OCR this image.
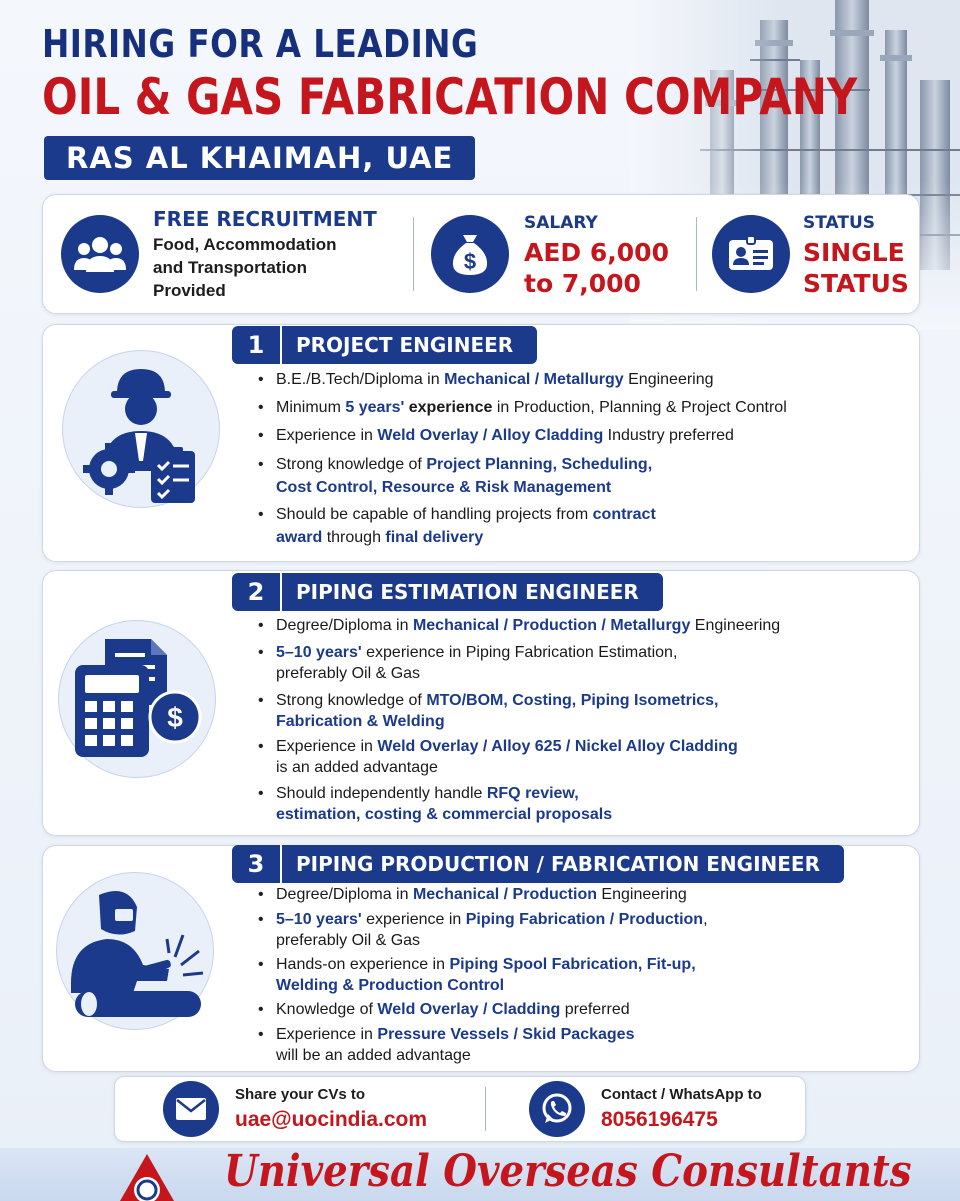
HIRING FOR A LEADING
OIL & GAS FABRICATION COMPANY
RAS AL KHAIMAH, UAE
FREE RECRUITMENT
Food, Accommodation
and Transportation
Provided
$
SALARY
AED 6,000
to 7,000
STATUS
SINGLE
STATUS
1	PROJECT ENGINEER
• B.E./B.Tech/Diploma in Mechanical / Metallurgy Engineering
• Minimum 5 years' experience in Production, Planning & Project Control
• Experience in Weld Overlay / Alloy Cladding Industry preferred
• Strong knowledge of Project Planning, Scheduling,
Cost Control, Resource & Risk Management
• Should be capable of handling projects from contract
award through final delivery
$
2	PIPING ESTIMATION ENGINEER
• Degree/Diploma in Mechanical / Production / Metallurgy Engineering
• 5–10 years' experience in Piping Fabrication Estimation,
preferably Oil & Gas
• Strong knowledge of MTO/BOM, Costing, Piping Isometrics,
Fabrication & Welding
• Experience in Weld Overlay / Alloy 625 / Nickel Alloy Cladding
is an added advantage
• Should independently handle RFQ review,
estimation, costing & commercial proposals
3	PIPING PRODUCTION / FABRICATION ENGINEER
• Degree/Diploma in Mechanical / Production Engineering
• 5–10 years' experience in Piping Fabrication / Production,
preferably Oil & Gas
• Hands-on experience in Piping Spool Fabrication, Fit-up,
Welding & Production Control
• Knowledge of Weld Overlay / Cladding preferred
• Experience in Pressure Vessels / Skid Packages
will be an added advantage
Share your CVs to
uae@uocindia.com
Contact / WhatsApp to
8056196475
Universal Overseas Consultants
